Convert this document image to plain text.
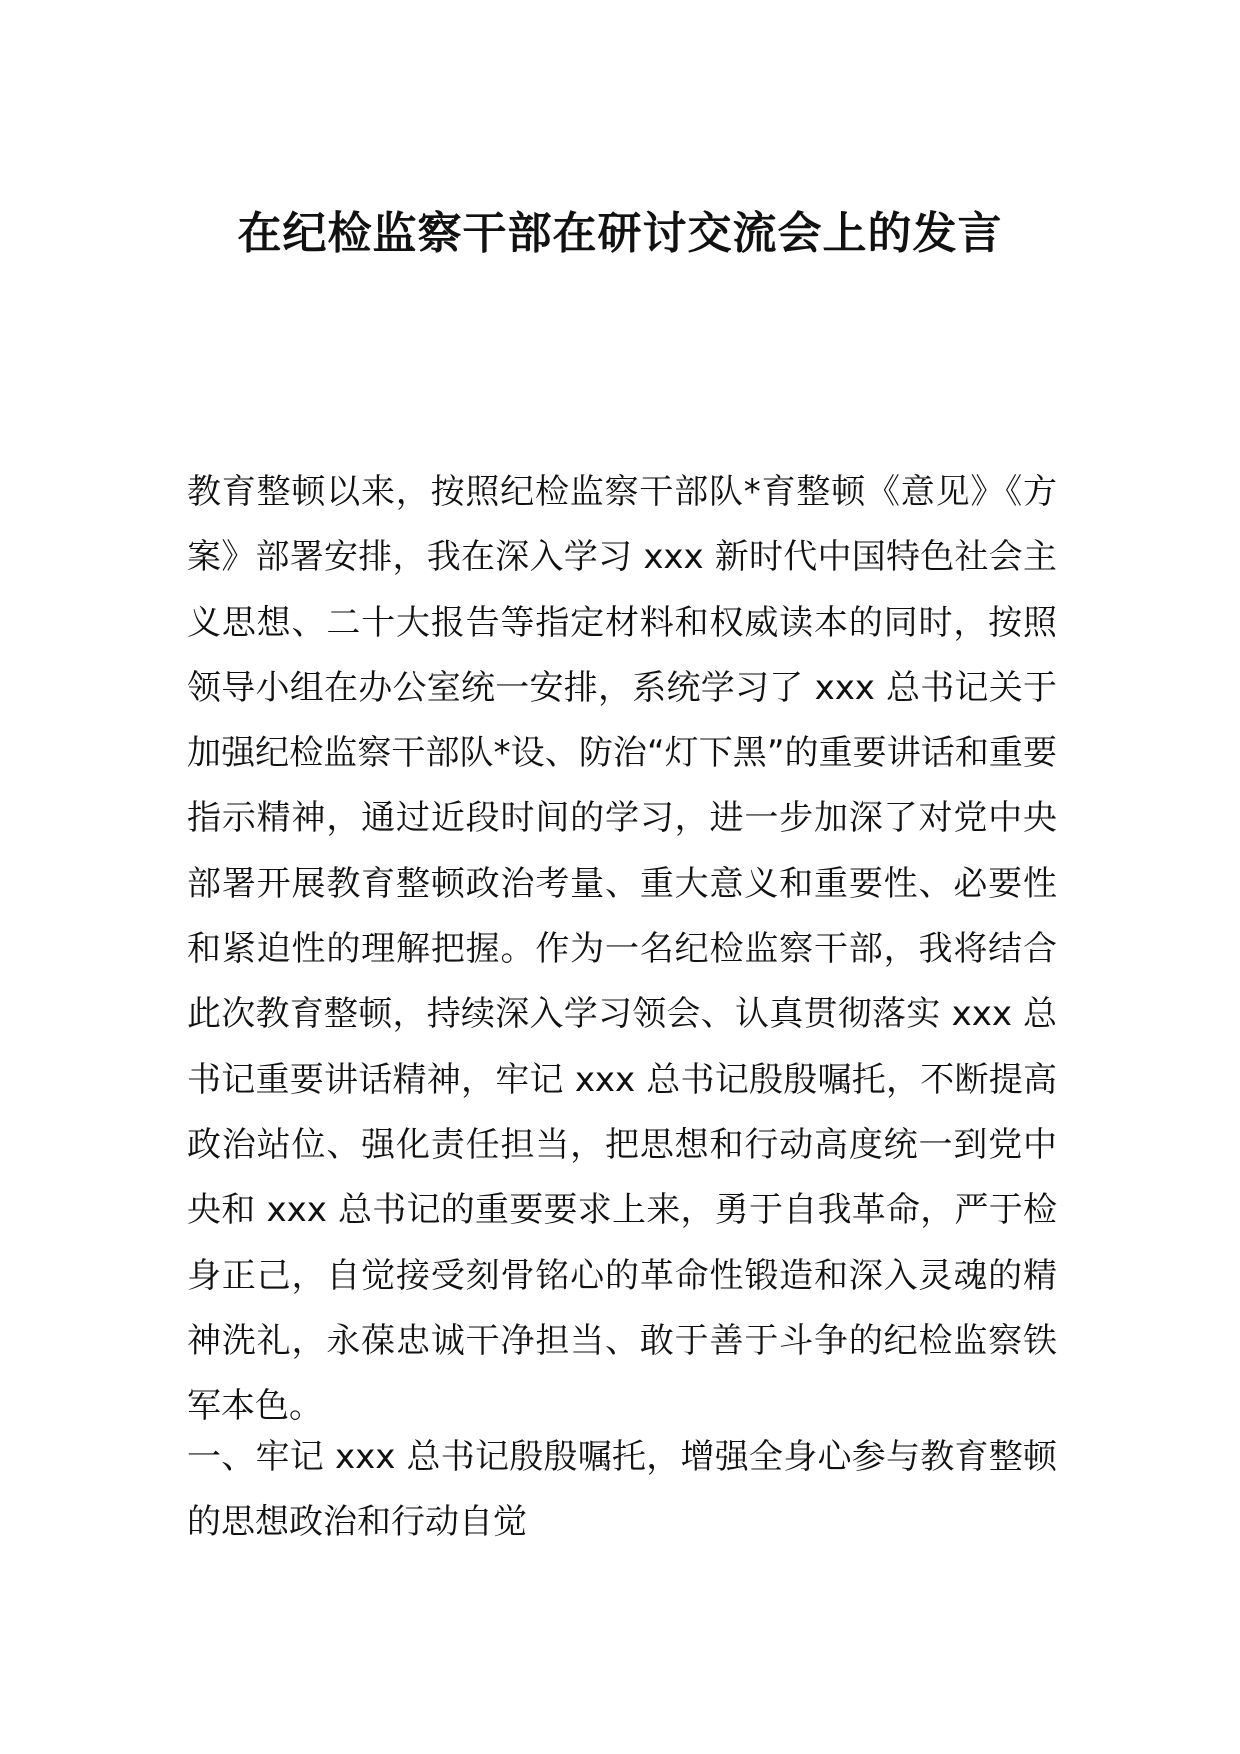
在纪检监察干部在研讨交流会上的发言

教育整顿以来，按照纪检监察干部队*育整顿《意见》《方案》部署安排，我在深入学习 xxx 新时代中国特色社会主义思想、二十大报告等指定材料和权威读本的同时，按照领导小组在办公室统一安排，系统学习了 xxx 总书记关于加强纪检监察干部队*设、防治“灯下黑”的重要讲话和重要指示精神，通过近段时间的学习，进一步加深了对党中央部署开展教育整顿政治考量、重大意义和重要性、必要性和紧迫性的理解把握。作为一名纪检监察干部，我将结合此次教育整顿，持续深入学习领会、认真贯彻落实 xxx 总书记重要讲话精神，牢记 xxx 总书记殷殷嘱托，不断提高政治站位、强化责任担当，把思想和行动高度统一到党中央和 xxx 总书记的重要要求上来，勇于自我革命，严于检身正己，自觉接受刻骨铭心的革命性锻造和深入灵魂的精神洗礼，永葆忠诚干净担当、敢于善于斗争的纪检监察铁军本色。

一、牢记 xxx 总书记殷殷嘱托，增强全身心参与教育整顿的思想政治和行动自觉
